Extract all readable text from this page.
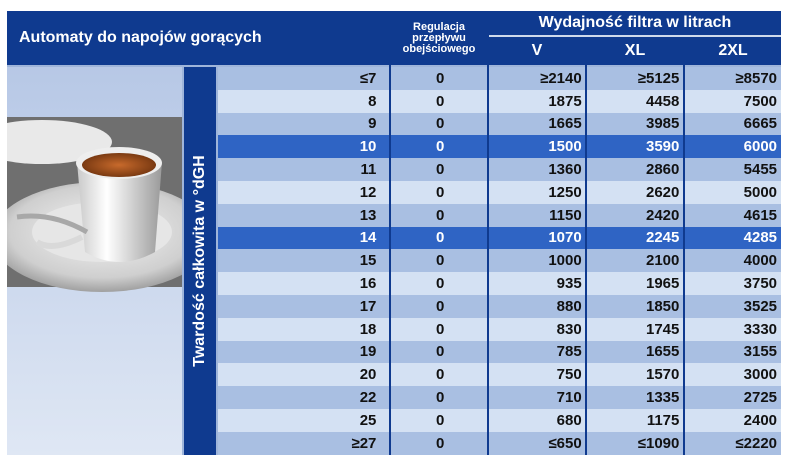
Automaty do napojów gorących
Regulacja
przepływu
obejściowego
Wydajność filtra w litrach
V	XL	2XL
Twardość całkowita w °dGH
≤7	0	≥2140	≥5125	≥8570
8	0	1875	4458	7500
9	0	1665	3985	6665
10	0	1500	3590	6000
11	0	1360	2860	5455
12	0	1250	2620	5000
13	0	1150	2420	4615
14	0	1070	2245	4285
15	0	1000	2100	4000
16	0	935	1965	3750
17	0	880	1850	3525
18	0	830	1745	3330
19	0	785	1655	3155
20	0	750	1570	3000
22	0	710	1335	2725
25	0	680	1175	2400
≥27	0	≤650	≤1090	≤2220
